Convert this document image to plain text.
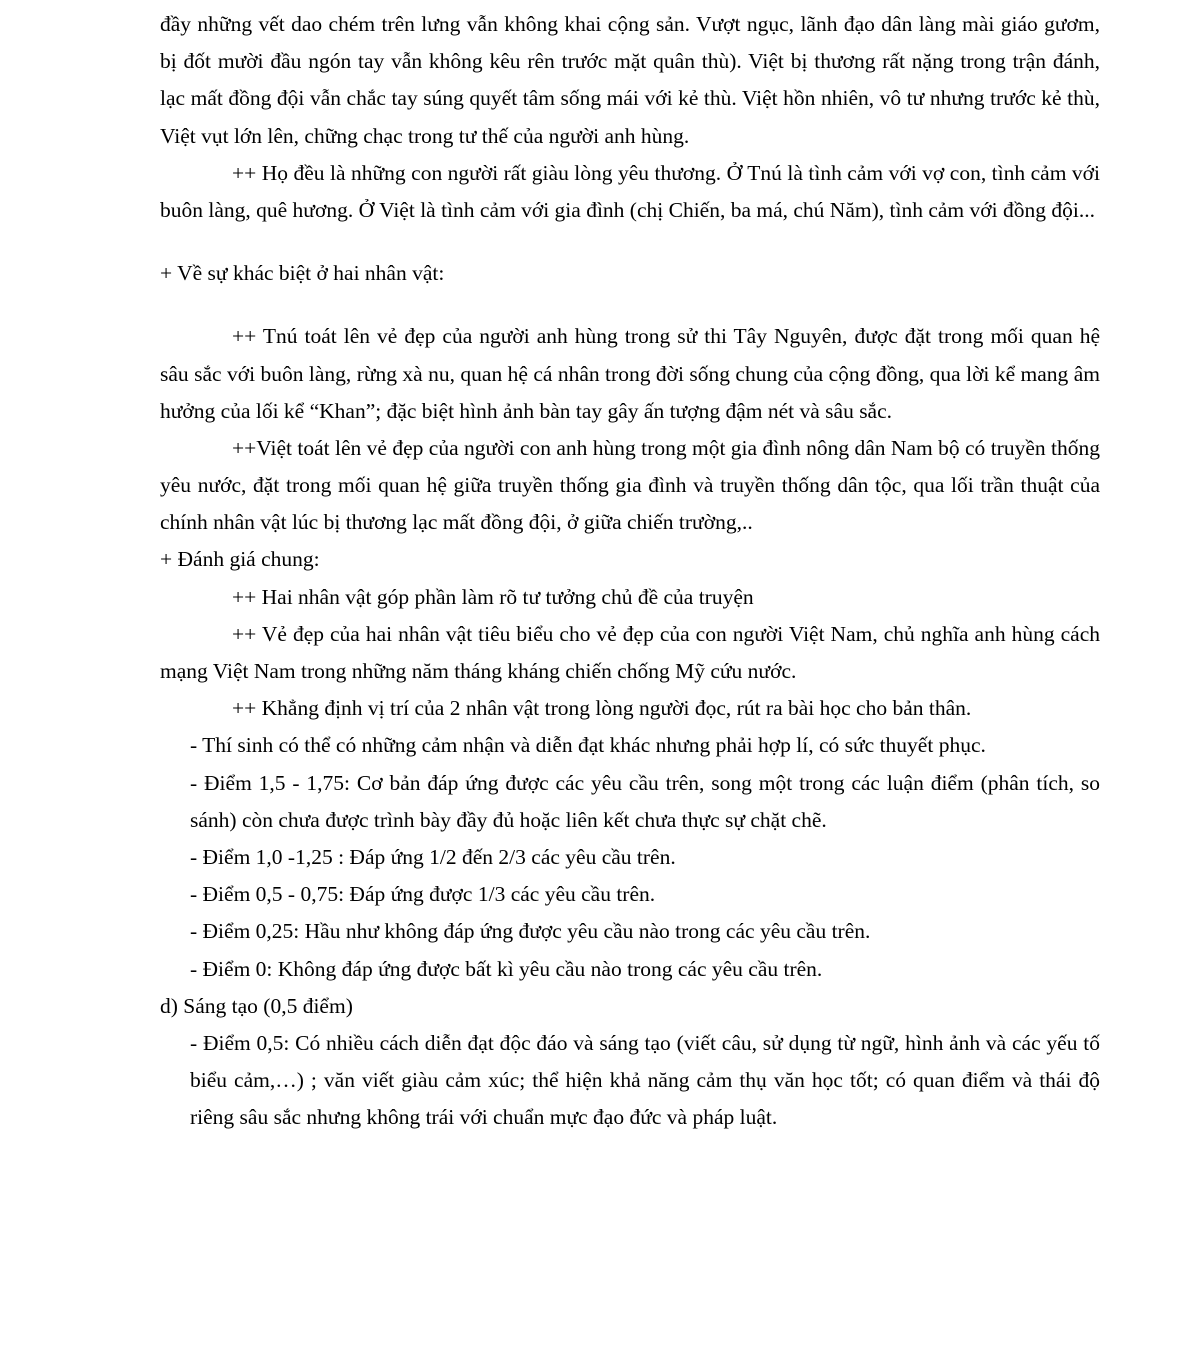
đầy những vết dao chém trên lưng vẫn không khai cộng sản. Vượt ngục, lãnh đạo dân làng mài giáo gươm, bị đốt mười đầu ngón tay vẫn không kêu rên trước mặt quân thù). Việt bị thương rất nặng trong trận đánh, lạc mất đồng đội vẫn chắc tay súng quyết tâm sống mái với kẻ thù. Việt hồn nhiên, vô tư nhưng trước kẻ thù, Việt vụt lớn lên, chững chạc trong tư thế của người anh hùng.

++ Họ đều là những con người rất giàu lòng yêu thương. Ở Tnú là tình cảm với vợ con, tình cảm với buôn làng, quê hương. Ở Việt là tình cảm với gia đình (chị Chiến, ba má, chú Năm), tình cảm với đồng đội...

+ Về sự khác biệt ở hai nhân vật:

++ Tnú toát lên vẻ đẹp của người anh hùng trong sử thi Tây Nguyên, được đặt trong mối quan hệ sâu sắc với buôn làng, rừng xà nu, quan hệ cá nhân trong đời sống chung của cộng đồng, qua lời kể mang âm hưởng của lối kể “Khan”; đặc biệt hình ảnh bàn tay gây ấn tượng đậm nét và sâu sắc.

++Việt toát lên vẻ đẹp của người con anh hùng trong một gia đình nông dân Nam bộ có truyền thống yêu nước, đặt trong mối quan hệ giữa truyền thống gia đình và truyền thống dân tộc, qua lối trần thuật của chính nhân vật lúc bị thương lạc mất đồng đội, ở giữa chiến trường,..

+ Đánh giá chung:

++ Hai nhân vật góp phần làm rõ tư tưởng chủ đề của truyện

++ Vẻ đẹp của hai nhân vật tiêu biểu cho vẻ đẹp của con người Việt Nam, chủ nghĩa anh hùng cách mạng Việt Nam trong những năm tháng kháng chiến chống Mỹ cứu nước.

++ Khẳng định vị trí của 2 nhân vật trong lòng người đọc, rút ra bài học cho bản thân.

- Thí sinh có thể có những cảm nhận và diễn đạt khác nhưng phải hợp lí, có sức thuyết phục.

- Điểm 1,5 - 1,75: Cơ bản đáp ứng được các yêu cầu trên, song một trong các luận điểm (phân tích, so sánh) còn chưa được trình bày đầy đủ hoặc liên kết chưa thực sự chặt chẽ.

- Điểm 1,0 -1,25 : Đáp ứng 1/2 đến 2/3 các yêu cầu trên.

- Điểm 0,5 - 0,75: Đáp ứng được 1/3 các yêu cầu trên.

- Điểm 0,25: Hầu như không đáp ứng được yêu cầu nào trong các yêu cầu trên.

- Điểm 0: Không đáp ứng được bất kì yêu cầu nào trong các yêu cầu trên.

d) Sáng tạo (0,5 điểm)

- Điểm 0,5: Có nhiều cách diễn đạt độc đáo và sáng tạo (viết câu, sử dụng từ ngữ, hình ảnh và các yếu tố biểu cảm,…) ; văn viết giàu cảm xúc; thể hiện khả năng cảm thụ văn học tốt; có quan điểm và thái độ riêng sâu sắc nhưng không trái với chuẩn mực đạo đức và pháp luật.
